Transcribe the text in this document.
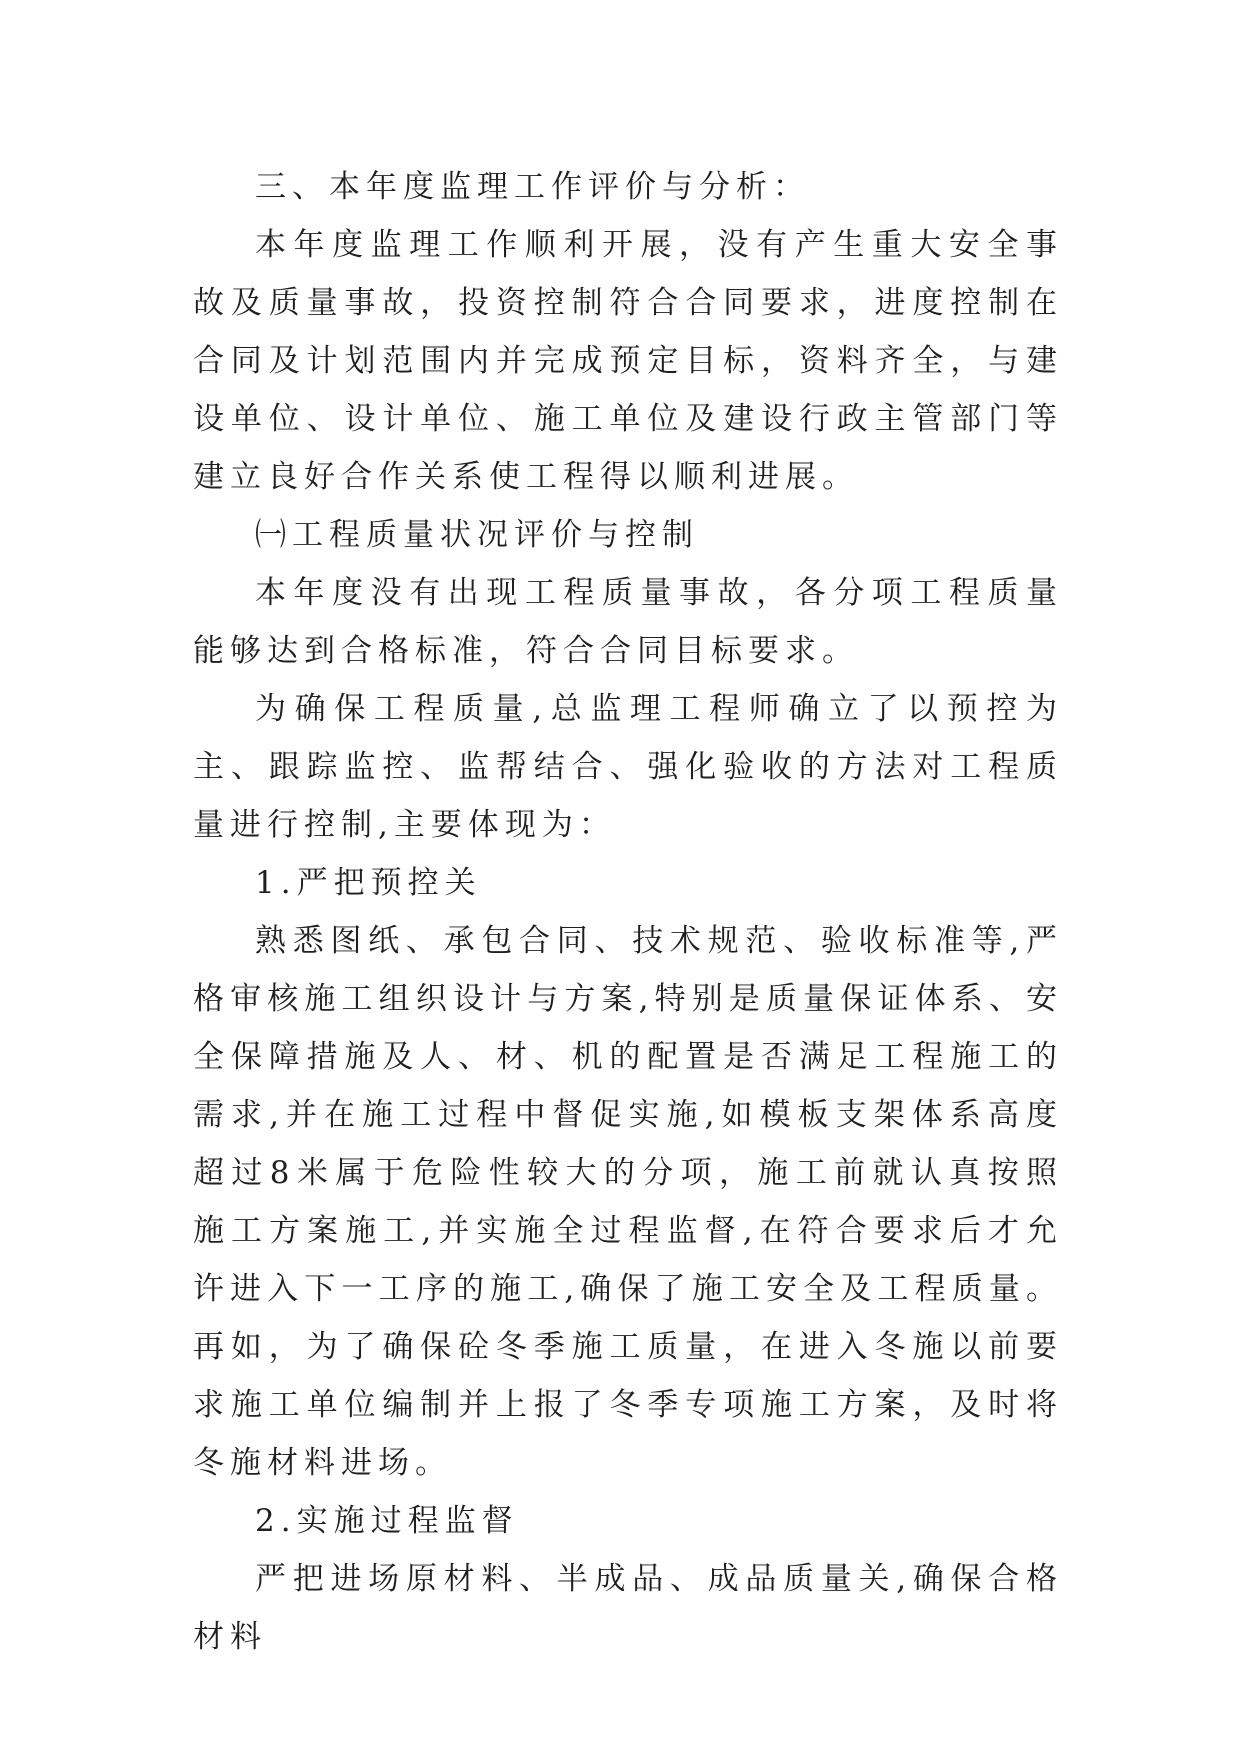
三、本年度监理工作评价与分析：

本年度监理工作顺利开展，没有产生重大安全事故及质量事故，投资控制符合合同要求，进度控制在合同及计划范围内并完成预定目标，资料齐全，与建设单位、设计单位、施工单位及建设行政主管部门等建立良好合作关系使工程得以顺利进展。

㈠工程质量状况评价与控制

本年度没有出现工程质量事故，各分项工程质量能够达到合格标准，符合合同目标要求。

为确保工程质量,总监理工程师确立了以预控为主、跟踪监控、监帮结合、强化验收的方法对工程质量进行控制,主要体现为：

1.严把预控关

熟悉图纸、承包合同、技术规范、验收标准等,严格审核施工组织设计与方案,特别是质量保证体系、安全保障措施及人、材、机的配置是否满足工程施工的需求,并在施工过程中督促实施,如模板支架体系高度超过8米属于危险性较大的分项，施工前就认真按照施工方案施工,并实施全过程监督,在符合要求后才允许进入下一工序的施工,确保了施工安全及工程质量。再如，为了确保砼冬季施工质量，在进入冬施以前要求施工单位编制并上报了冬季专项施工方案，及时将冬施材料进场。

2.实施过程监督

严把进场原材料、半成品、成品质量关,确保合格材料
